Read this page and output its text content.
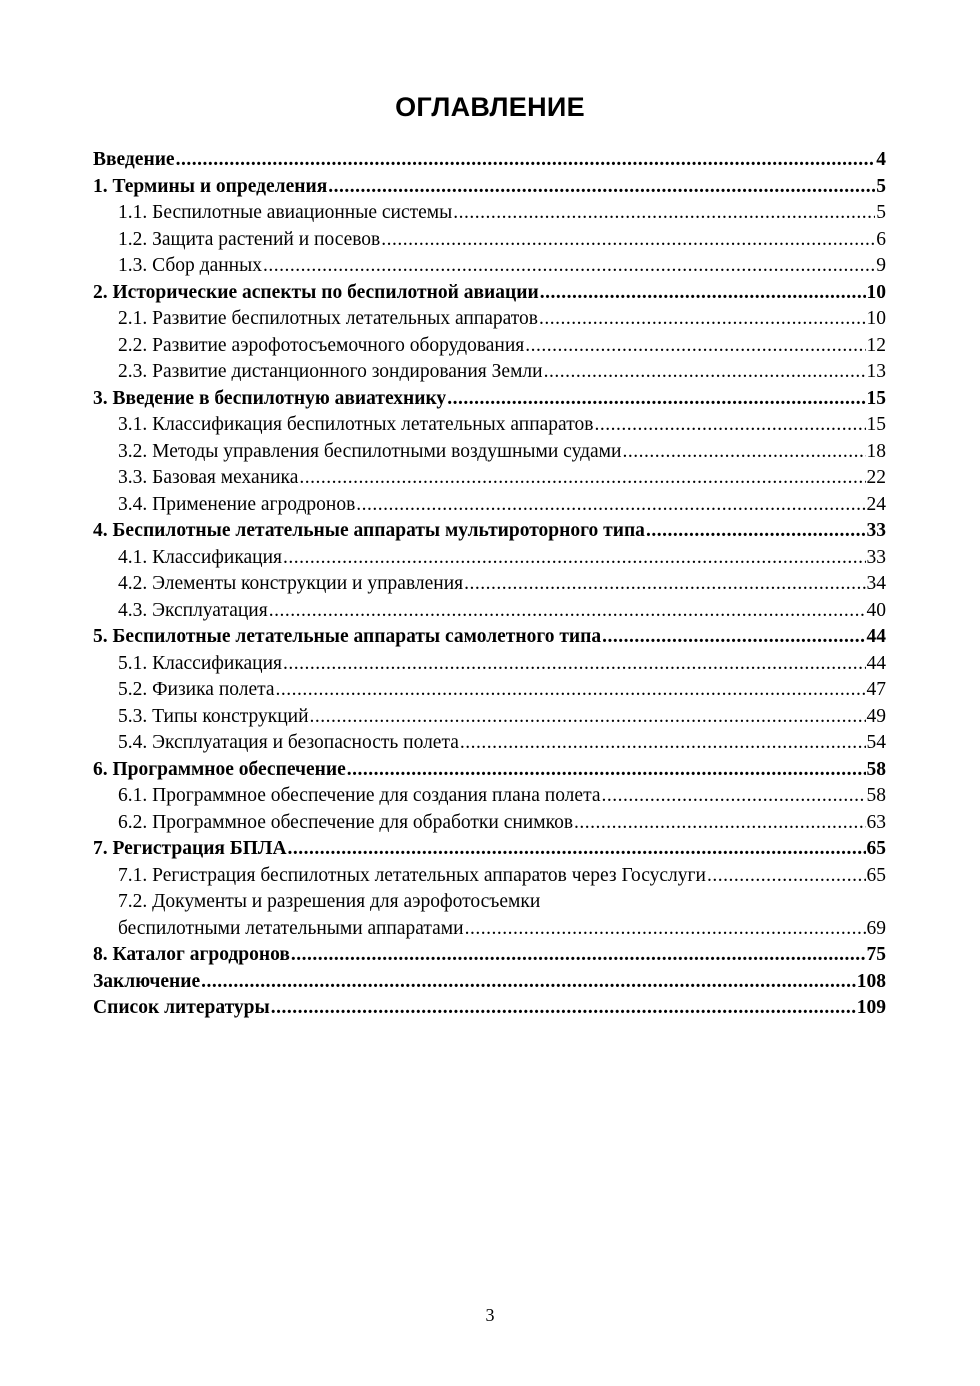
ОГЛАВЛЕНИЕ
Введение .....	4
1. Термины и определения .....	5
1.1. Беспилотные авиационные системы .....	5
1.2. Защита растений и посевов .....	6
1.3. Сбор данных .....	9
2. Исторические аспекты по беспилотной авиации .....	10
2.1. Развитие беспилотных летательных аппаратов .....	10
2.2. Развитие аэрофотосъемочного оборудования .....	12
2.3. Развитие дистанционного зондирования Земли .....	13
3. Введение в беспилотную авиатехнику .....	15
3.1. Классификация беспилотных летательных аппаратов .....	15
3.2. Методы управления беспилотными воздушными судами .....	18
3.3. Базовая механика .....	22
3.4. Применение агродронов .....	24
4. Беспилотные летательные аппараты мультироторного типа .....	33
4.1. Классификация .....	33
4.2. Элементы конструкции и управления .....	34
4.3. Эксплуатация .....	40
5. Беспилотные летательные аппараты самолетного типа .....	44
5.1. Классификация .....	44
5.2. Физика полета .....	47
5.3. Типы конструкций .....	49
5.4. Эксплуатация и безопасность полета .....	54
6. Программное обеспечение .....	58
6.1. Программное обеспечение для создания плана полета .....	58
6.2. Программное обеспечение для обработки снимков .....	63
7. Регистрация БПЛА .....	65
7.1. Регистрация беспилотных летательных аппаратов через Госуслуги .....	65
7.2. Документы и разрешения для аэрофотосъемки
беспилотными летательными аппаратами .....	69
8. Каталог агродронов .....	75
Заключение .....	108
Список литературы .....	109
3
